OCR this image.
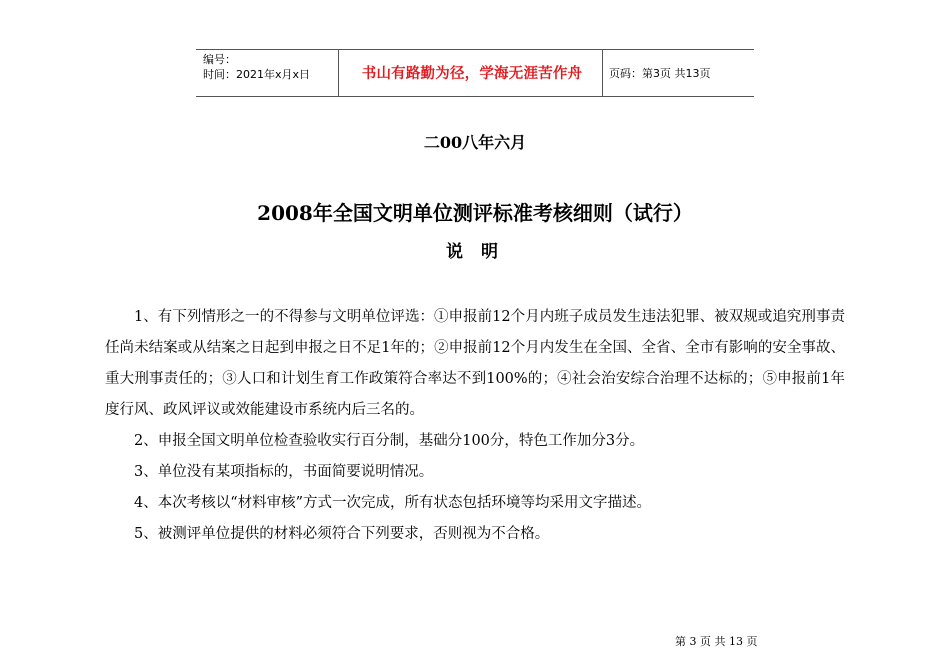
编号：
时间：2021年x月x日	书山有路勤为径，学海无涯苦作舟	页码：第3页 共13页
二00八年六月
2008年全国文明单位测评标准考核细则（试行）
说 明

1、有下列情形之一的不得参与文明单位评选：①申报前12个月内班子成员发生违法犯罪、被双规或追究刑事责任尚未结案或从结案之日起到申报之日不足1年的；②申报前12个月内发生在全国、全省、全市有影响的安全事故、重大刑事责任的；③人口和计划生育工作政策符合率达不到100%的；④社会治安综合治理不达标的；⑤申报前1年度行风、政风评议或效能建设市系统内后三名的。

2、申报全国文明单位检查验收实行百分制，基础分100分，特色工作加分3分。

3、单位没有某项指标的，书面简要说明情况。

4、本次考核以“材料审核”方式一次完成，所有状态包括环境等均采用文字描述。

5、被测评单位提供的材料必须符合下列要求，否则视为不合格。

第 3 页 共 13 页
